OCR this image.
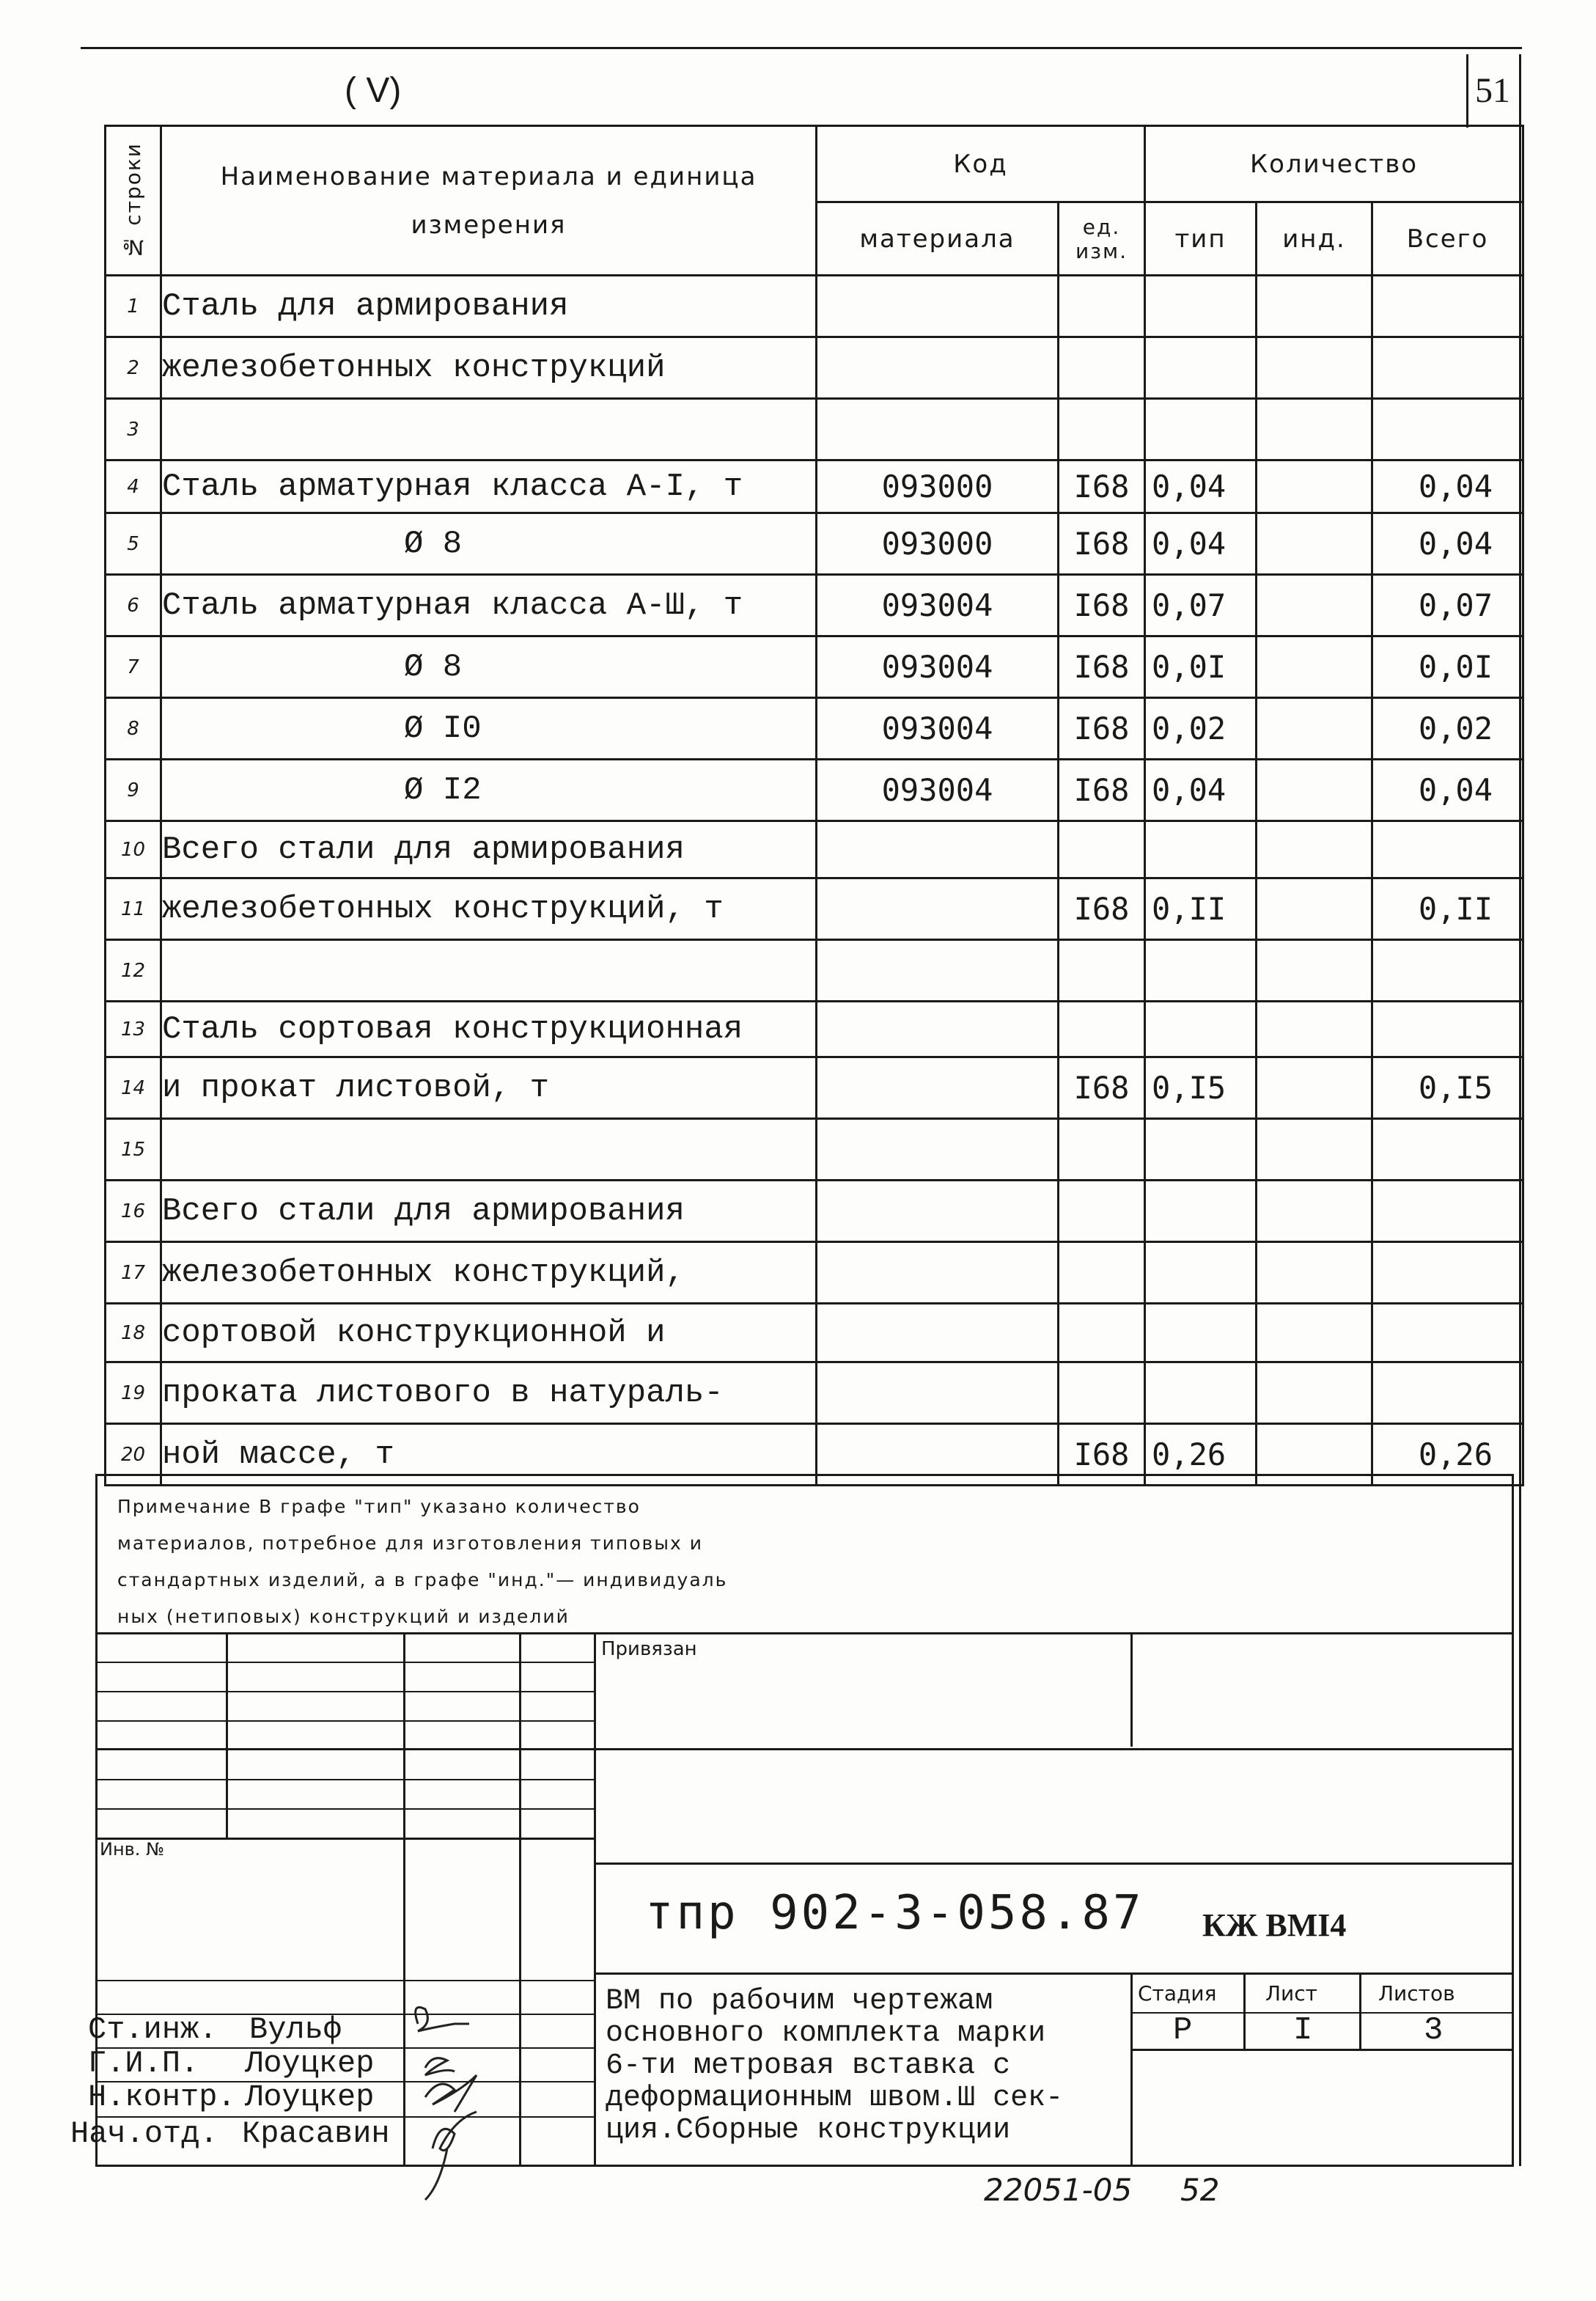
( V)	51
№ строки	Наименование материала и единица измерения	Код		Количество		
		материала	ед. изм.	тип	инд.	Всего
1	Сталь для армирования					
2	железобетонных конструкций					
3						
4	Сталь арматурная класса А-I, т	093000	I68	0,04		0,04
5	Ø 8	093000	I68	0,04		0,04
6	Сталь арматурная класса А-Ш, т	093004	I68	0,07		0,07
7	Ø 8	093004	I68	0,0I		0,0I
8	Ø I0	093004	I68	0,02		0,02
9	Ø I2	093004	I68	0,04		0,04
10	Всего стали для армирования					
11	железобетонных конструкций, т		I68	0,II		0,II
12						
13	Сталь сортовая конструкционная					
14	и прокат листовой, т		I68	0,I5		0,I5
15						
16	Всего стали для армирования					
17	железобетонных конструкций,					
18	сортовой конструкционной и					
19	проката листового в натураль-					
20	ной массе, т		I68	0,26		0,26
Примечание В графе "тип" указано количество
материалов, потребное для изготовления типовых и
стандартных изделий, а в графе "инд."— индивидуаль
ных (нетиповых) конструкций и изделий
Привязан
Инв. №
тпр 902-3-058.87 КЖ ВМI4
ВМ по рабочим чертежам
основного комплекта марки
6-ти метровая вставка с
деформационным швом.Ш сек-
ция.Сборные конструкции
Стадия Лист	Листов
Р	I	3
Ст.инж. Вульф
Г.И.П. Лоуцкер
Н.контр. Лоуцкер
Нач.отд. Красавин
22051-05 52
